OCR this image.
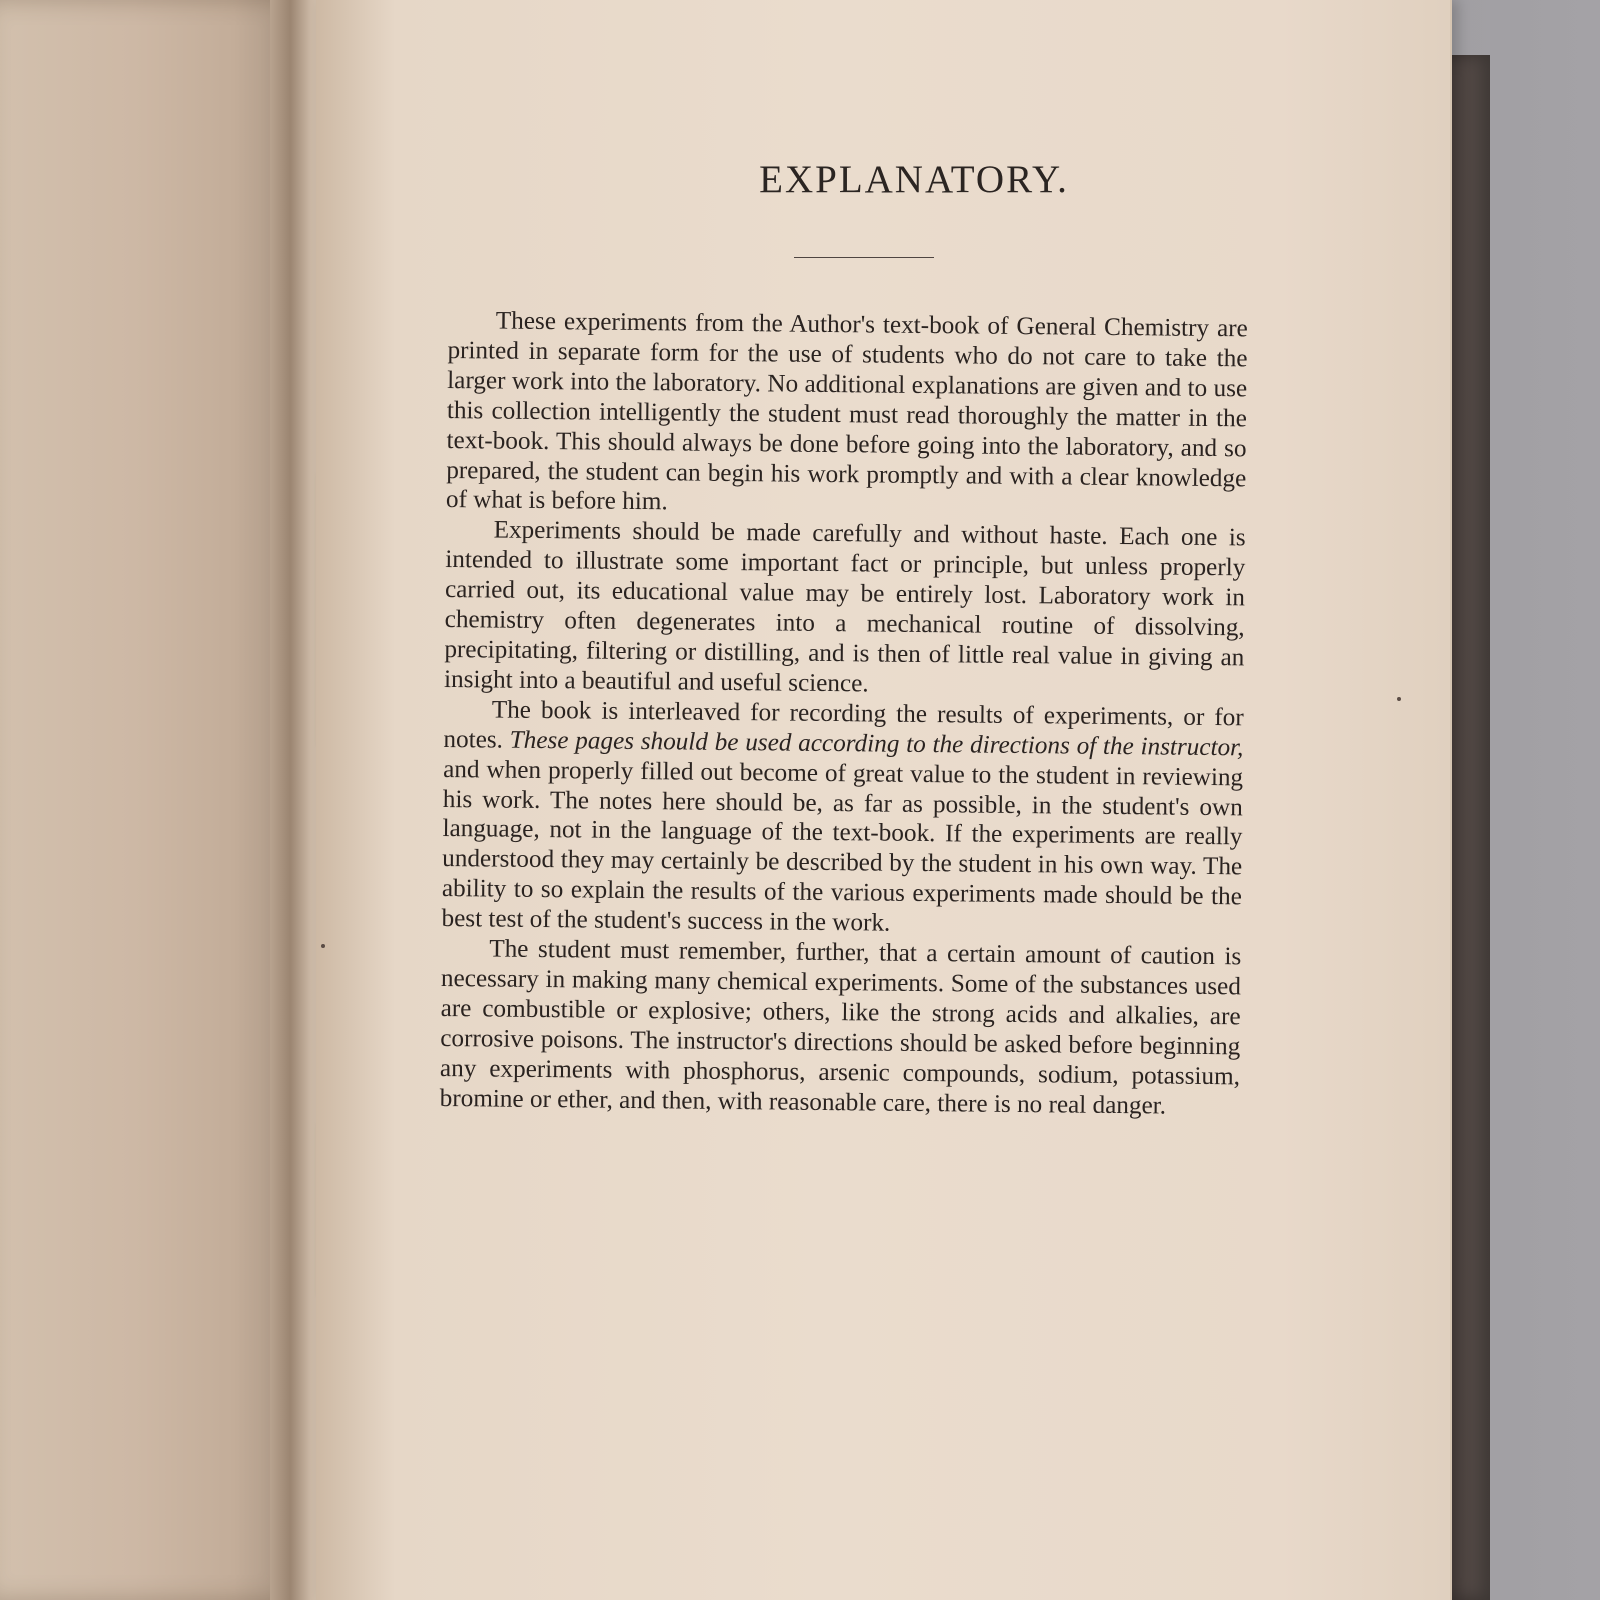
EXPLANATORY.

These experiments from the Author's text-book of General Chemistry are printed in separate form for the use of students who do not care to take the larger work into the laboratory. No additional explanations are given and to use this collection intelligently the student must read thoroughly the matter in the text-book. This should always be done before going into the laboratory, and so prepared, the student can begin his work promptly and with a clear knowledge of what is before him.

Experiments should be made carefully and without haste. Each one is intended to illustrate some important fact or principle, but unless properly carried out, its educational value may be entirely lost. Laboratory work in chemistry often degenerates into a mechanical routine of dissolving, precipitating, filtering or distilling, and is then of little real value in giving an insight into a beautiful and useful science.

The book is interleaved for recording the results of experiments, or for notes. These pages should be used according to the directions of the instructor, and when properly filled out become of great value to the student in reviewing his work. The notes here should be, as far as possible, in the student's own language, not in the language of the text-book. If the experiments are really understood they may certainly be described by the student in his own way. The ability to so explain the results of the various experiments made should be the best test of the student's success in the work.

The student must remember, further, that a certain amount of caution is necessary in making many chemical experiments. Some of the substances used are combustible or explosive; others, like the strong acids and alkalies, are corrosive poisons. The instructor's directions should be asked before beginning any experiments with phosphorus, arsenic compounds, sodium, potassium, bromine or ether, and then, with reasonable care, there is no real danger.
